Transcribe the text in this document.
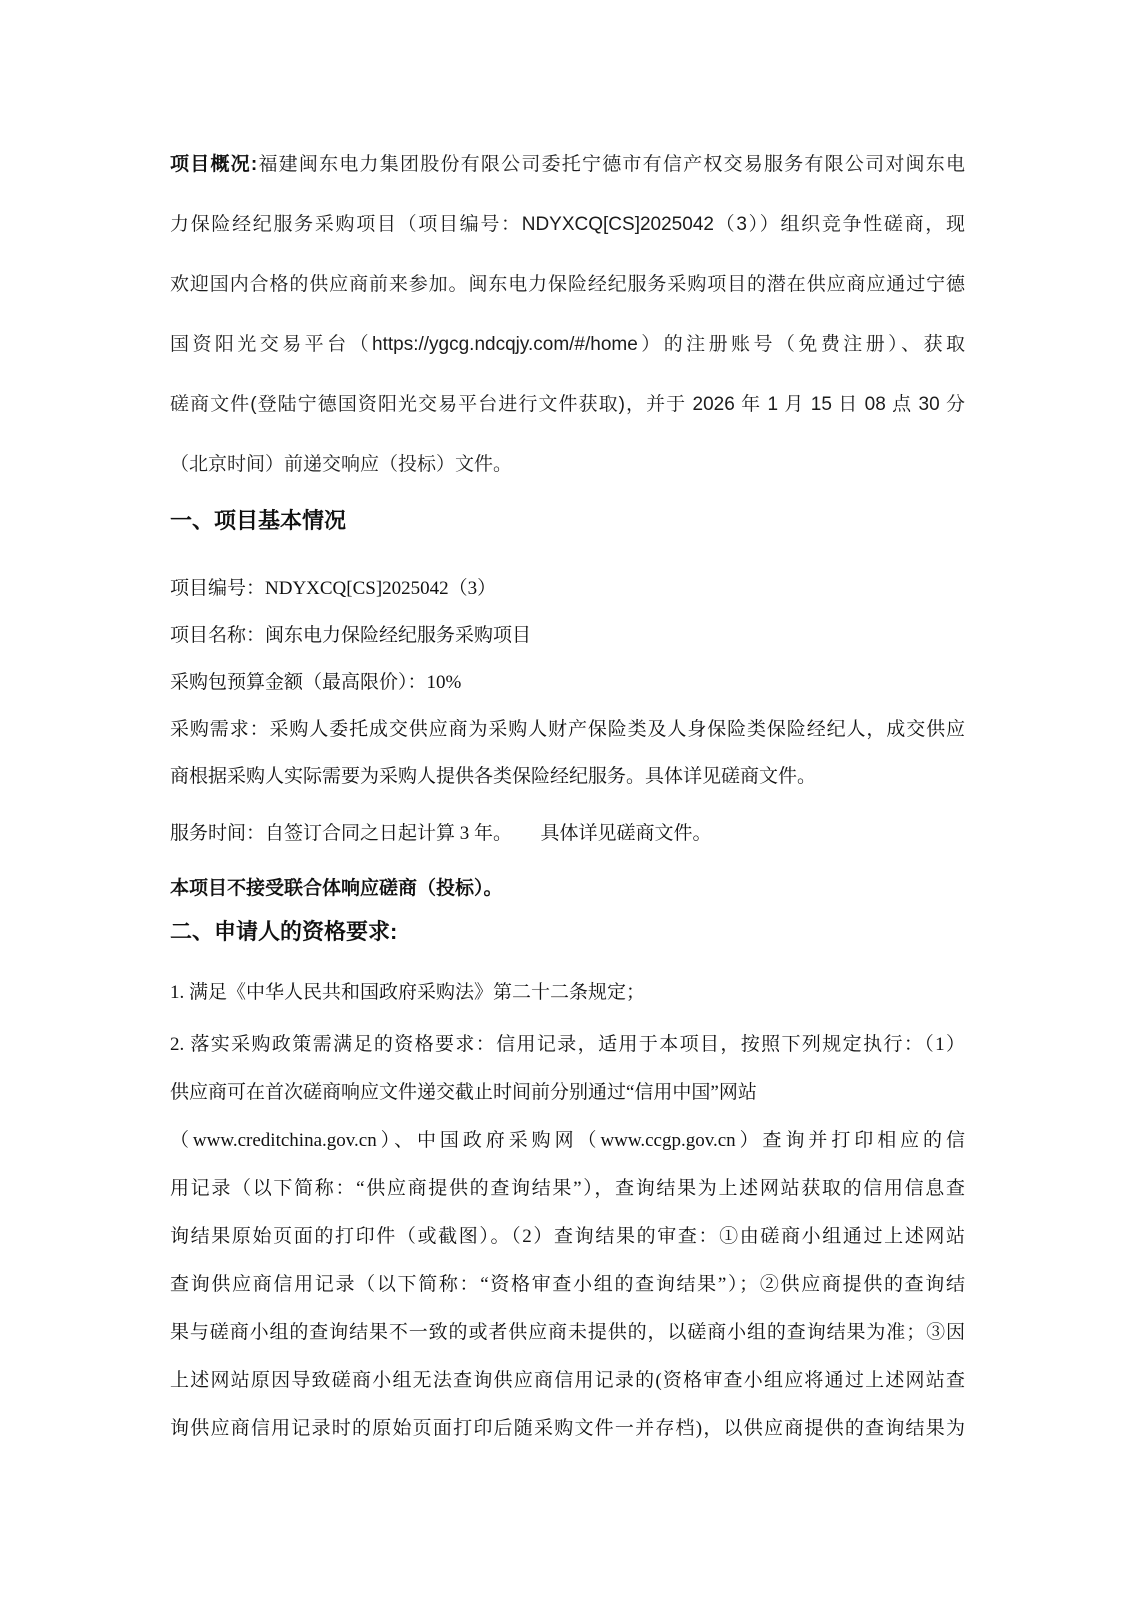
项目概况:福建闽东电力集团股份有限公司委托宁德市有信产权交易服务有限公司对闽东电
力保险经纪服务采购项目（项目编号：NDYXCQ[CS]2025042（3））组织竞争性磋商，现
欢迎国内合格的供应商前来参加。闽东电力保险经纪服务采购项目的潜在供应商应通过宁德
国资阳光交易平台（https://ygcg.ndcqjy.com/#/home）的注册账号（免费注册）、获取
磋商文件(登陆宁德国资阳光交易平台进行文件获取)，并于 2026 年 1 月 15 日 08 点 30 分
（北京时间）前递交响应（投标）文件。
一、项目基本情况
项目编号：NDYXCQ[CS]2025042（3）
项目名称：闽东电力保险经纪服务采购项目
采购包预算金额（最高限价）：10%
采购需求：采购人委托成交供应商为采购人财产保险类及人身保险类保险经纪人，成交供应
商根据采购人实际需要为采购人提供各类保险经纪服务。具体详见磋商文件。
服务时间：自签订合同之日起计算 3 年。　　具体详见磋商文件。
本项目不接受联合体响应磋商（投标）。
二、申请人的资格要求:
1. 满足《中华人民共和国政府采购法》第二十二条规定；
2. 落实采购政策需满足的资格要求：信用记录，适用于本项目，按照下列规定执行：（1）
供应商可在首次磋商响应文件递交截止时间前分别通过“信用中国”网站
（www.creditchina.gov.cn）、中国政府采购网（www.ccgp.gov.cn）查询并打印相应的信
用记录（以下简称：“供应商提供的查询结果”），查询结果为上述网站获取的信用信息查
询结果原始页面的打印件（或截图）。（2）查询结果的审查：①由磋商小组通过上述网站
查询供应商信用记录（以下简称：“资格审查小组的查询结果”）；②供应商提供的查询结
果与磋商小组的查询结果不一致的或者供应商未提供的，以磋商小组的查询结果为准；③因
上述网站原因导致磋商小组无法查询供应商信用记录的(资格审查小组应将通过上述网站查
询供应商信用记录时的原始页面打印后随采购文件一并存档)，以供应商提供的查询结果为
